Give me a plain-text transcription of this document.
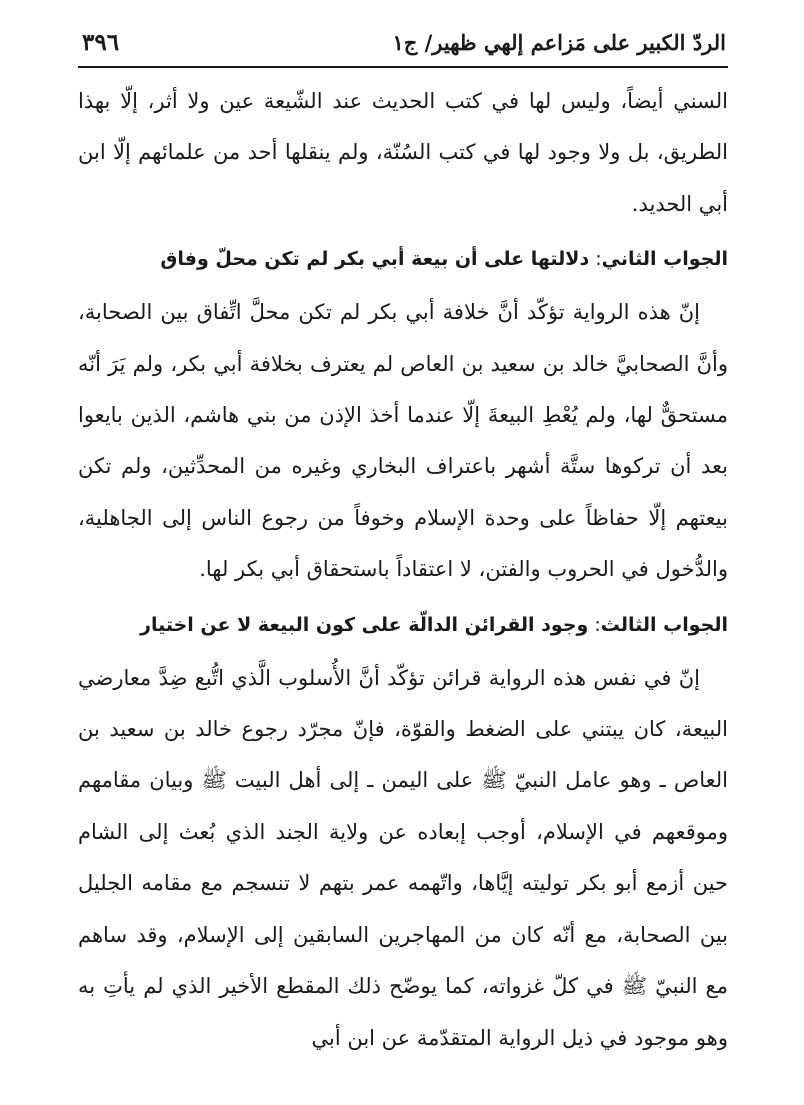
الردّ الكبير على مَزاعم إلهي ظهير/ ج١
٣٩٦

السني أيضاً، وليس لها في كتب الحديث عند الشّيعة عين ولا أثر، إلّا بهذا الطريق، بل ولا وجود لها في كتب السُنّة، ولم ينقلها أحد من علمائهم إلّا ابن أبي الحديد.

الجواب الثاني:دلالتها على أن بيعة أبي بكر لم تكن محلّ وفاق

إنّ هذه الرواية تؤكّد أنَّ خلافة أبي بكر لم تكن محلَّ اتِّفاق بين الصحابة، وأنَّ الصحابيَّ خالد بن سعيد بن العاص لم يعترف بخلافة أبي بكر، ولم يَرَ أنّه مستحقٌّ لها، ولم يُعْطِ البيعةَ إلّا عندما أخذ الإذن من بني هاشم، الذين بايعوا بعد أن تركوها ستَّة أشهر باعتراف البخاري وغيره من المحدِّثين، ولم تكن بيعتهم إلّا حفاظاً على وحدة الإسلام وخوفاً من رجوع الناس إلى الجاهلية، والدُّخول في الحروب والفتن، لا اعتقاداً باستحقاق أبي بكر لها.

الجواب الثالث:وجود القرائن الدالّة على كون البيعة لا عن اختيار

إنّ في نفس هذه الرواية قرائن تؤكّد أنَّ الأُسلوب الَّذي اتُّبع ضِدَّ معارضي البيعة، كان يبتني على الضغط والقوّة، فإنّ مجرّد رجوع خالد بن سعيد بن العاص ـ وهو عامل النبيّ ﷺ على اليمن ـ إلى أهل البيت ﷺ وبيان مقامهم وموقعهم في الإسلام، أوجب إبعاده عن ولاية الجند الذي بُعث إلى الشام حين أزمع أبو بكر توليته إيَّاها، واتّهمه عمر بتهم لا تنسجم مع مقامه الجليل بين الصحابة، مع أنّه كان من المهاجرين السابقين إلى الإسلام، وقد ساهم مع النبيّ ﷺ في كلّ غزواته، كما يوضّح ذلك المقطع الأخير الذي لم يأتِ به وهو موجود في ذيل الرواية المتقدّمة عن ابن أبي
